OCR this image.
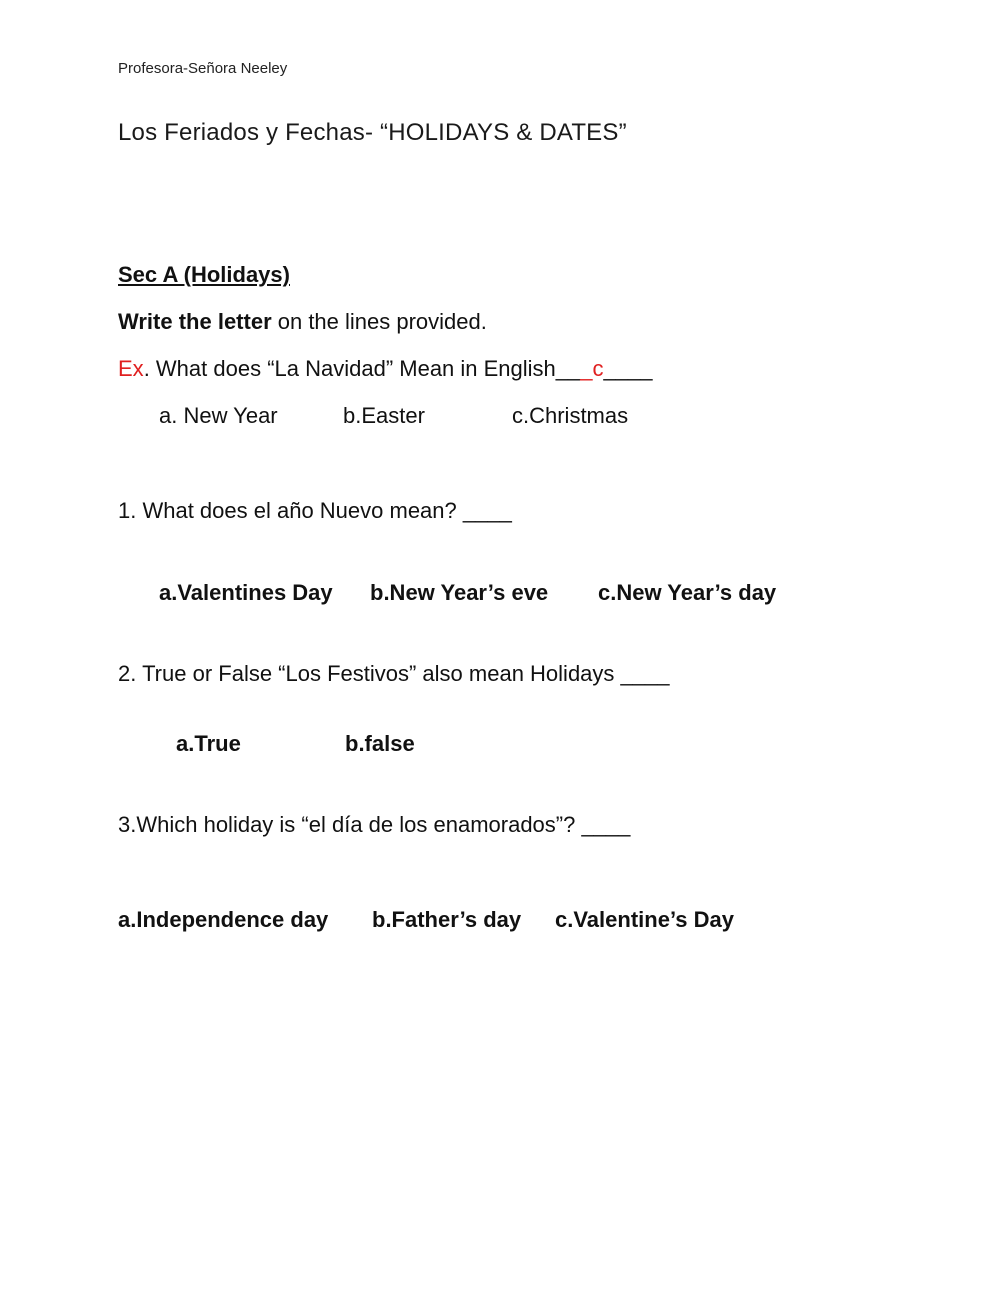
Profesora-Señora Neeley
Los Feriados y Fechas- “HOLIDAYS & DATES”
Sec A (Holidays)
Write the letter on the lines provided.
Ex. What does “La Navidad” Mean in English___c____
a. New Year	b.Easter	c.Christmas
1. What does el año Nuevo mean? ____
a.Valentines Day b.New Year’s eve c.New Year’s day
2. True or False “Los Festivos” also mean Holidays ____
a.True	b.false
3.Which holiday is “el día de los enamorados”? ____
a.Independence day b.Father’s day c.Valentine’s Day
